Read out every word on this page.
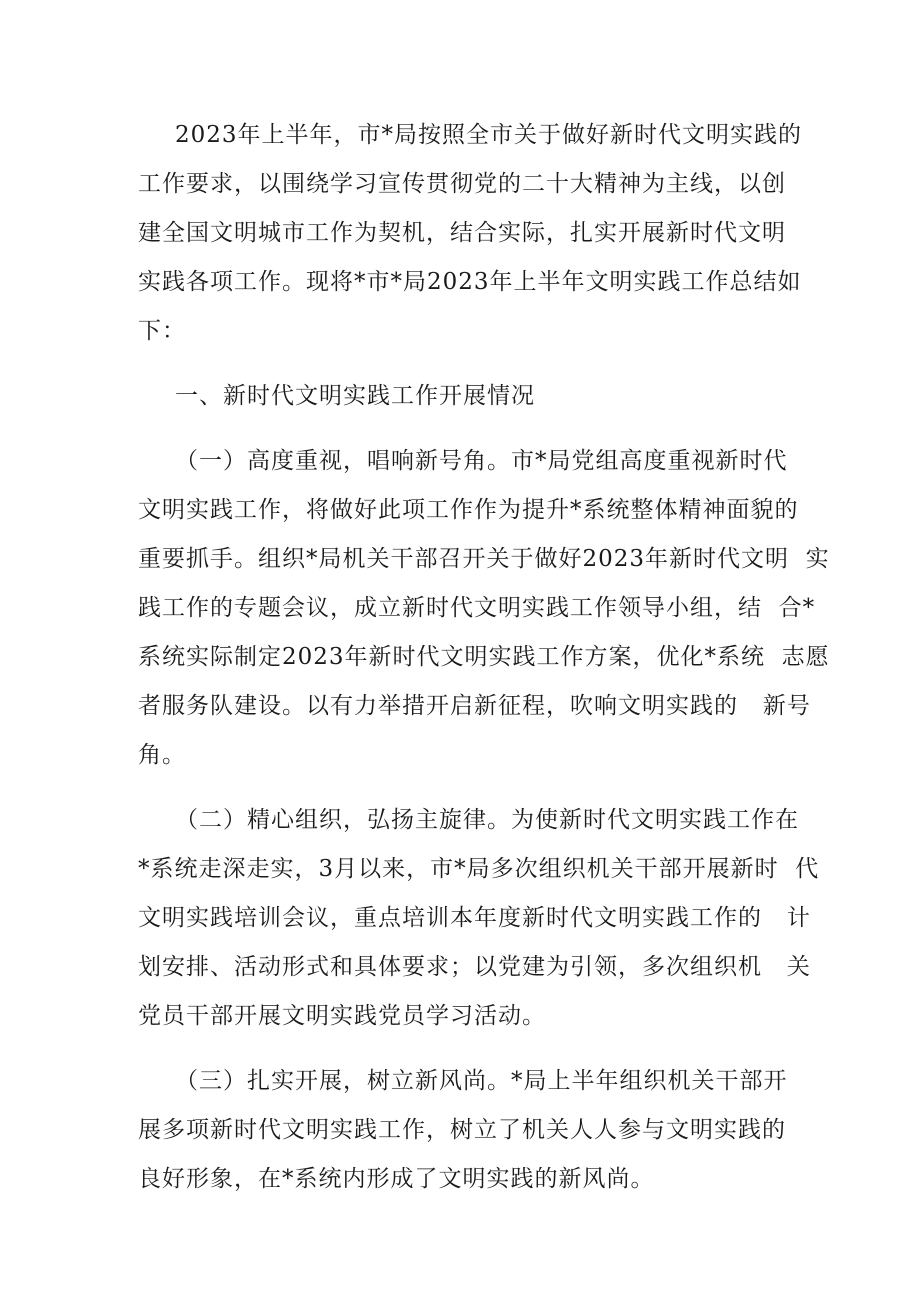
2023年上半年，市*局按照全市关于做好新时代文明实践的
工作要求，以围绕学习宣传贯彻党的二十大精神为主线，以创
建全国文明城市工作为契机，结合实际，扎实开展新时代文明
实践各项工作。现将*市*局2023年上半年文明实践工作总结如
下：
一、新时代文明实践工作开展情况
（一）高度重视，唱响新号角。市*局党组高度重视新时代
文明实践工作，将做好此项工作作为提升*系统整体精神面貌的
重要抓手。组织*局机关干部召开关于做好2023年新时代文明  实
践工作的专题会议，成立新时代文明实践工作领导小组，结  合*
系统实际制定2023年新时代文明实践工作方案，优化*系统  志愿
者服务队建设。以有力举措开启新征程，吹响文明实践的   新号
角。
（二）精心组织，弘扬主旋律。为使新时代文明实践工作在
*系统走深走实，3月以来，市*局多次组织机关干部开展新时  代
文明实践培训会议，重点培训本年度新时代文明实践工作的   计
划安排、活动形式和具体要求；以党建为引领，多次组织机   关
党员干部开展文明实践党员学习活动。
（三）扎实开展，树立新风尚。*局上半年组织机关干部开
展多项新时代文明实践工作，树立了机关人人参与文明实践的
良好形象，在*系统内形成了文明实践的新风尚。
